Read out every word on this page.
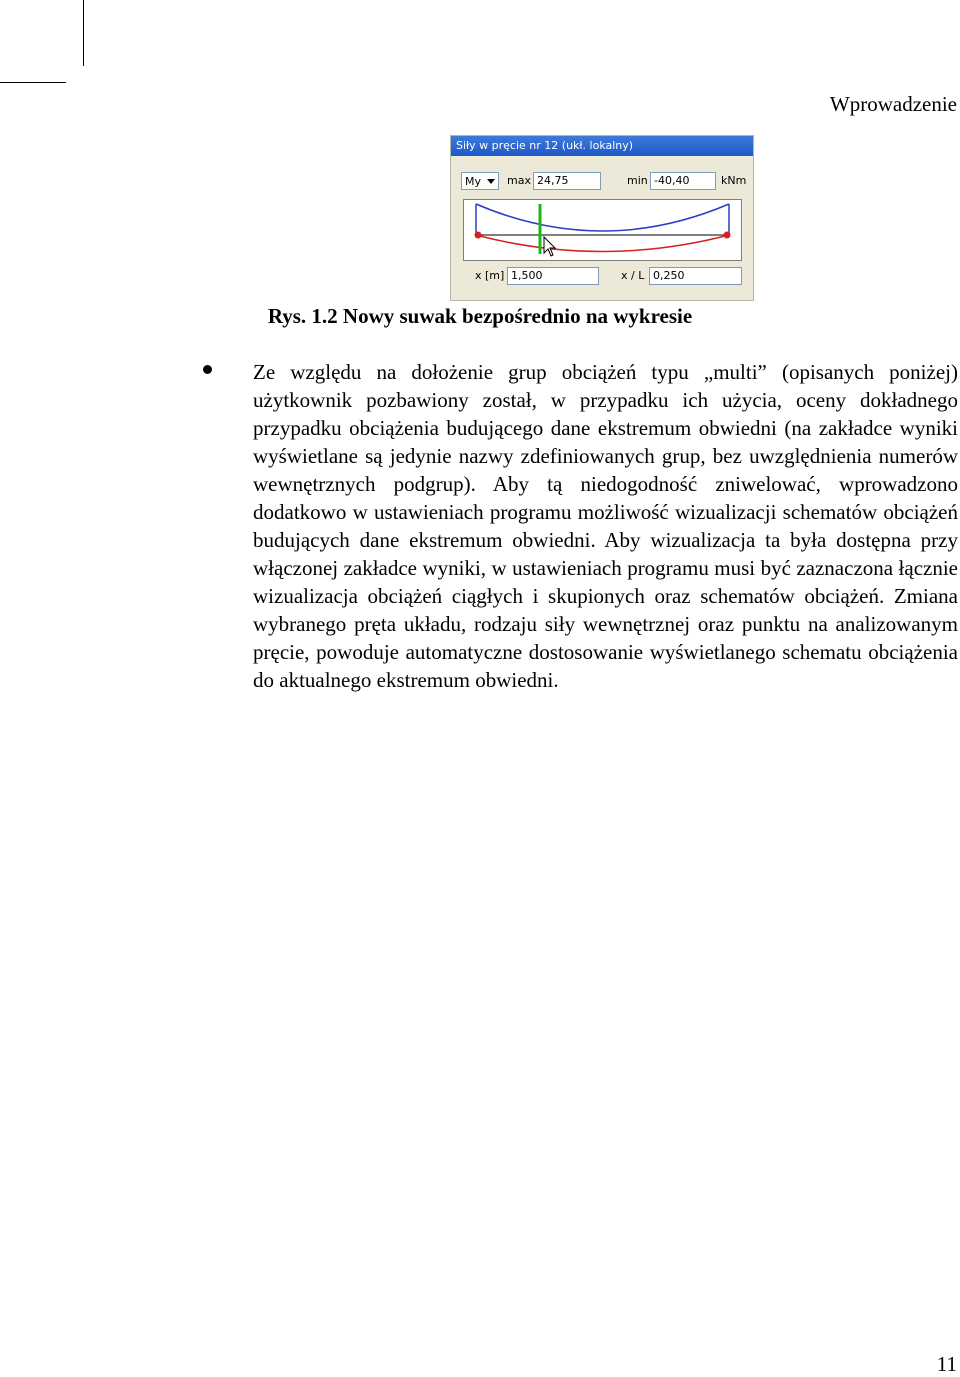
Wprowadzenie
Siły w pręcie nr 12 (ukł. lokalny)
My max 24,75	min -40,40	kNm
x [m] 1,500	x / L 0,250
Rys. 1.2 Nowy suwak bezpośrednio na wykresie
Ze względu na dołożenie grup obciążeń typu „multi” (opisanych poniżej) użytkownik pozbawiony został, w przypadku ich użycia, oceny dokładnego przypadku obciążenia budującego dane ekstremum obwiedni (na zakładce wyniki wyświetlane są jedynie nazwy zdefiniowanych grup, bez uwzględnienia numerów wewnętrznych podgrup). Aby tą niedogodność zniwelować, wprowadzono dodatkowo w ustawieniach programu możliwość wizualizacji schematów obciążeń budujących dane ekstremum obwiedni. Aby wizualizacja ta była dostępna przy włączonej zakładce wyniki, w ustawieniach programu musi być zaznaczona łącznie wizualizacja obciążeń ciągłych i skupionych oraz schematów obciążeń. Zmiana wybranego pręta układu, rodzaju siły wewnętrznej oraz punktu na analizowanym pręcie, powoduje automatyczne dostosowanie wyświetlanego schematu obciążenia do aktualnego ekstremum obwiedni.
11
